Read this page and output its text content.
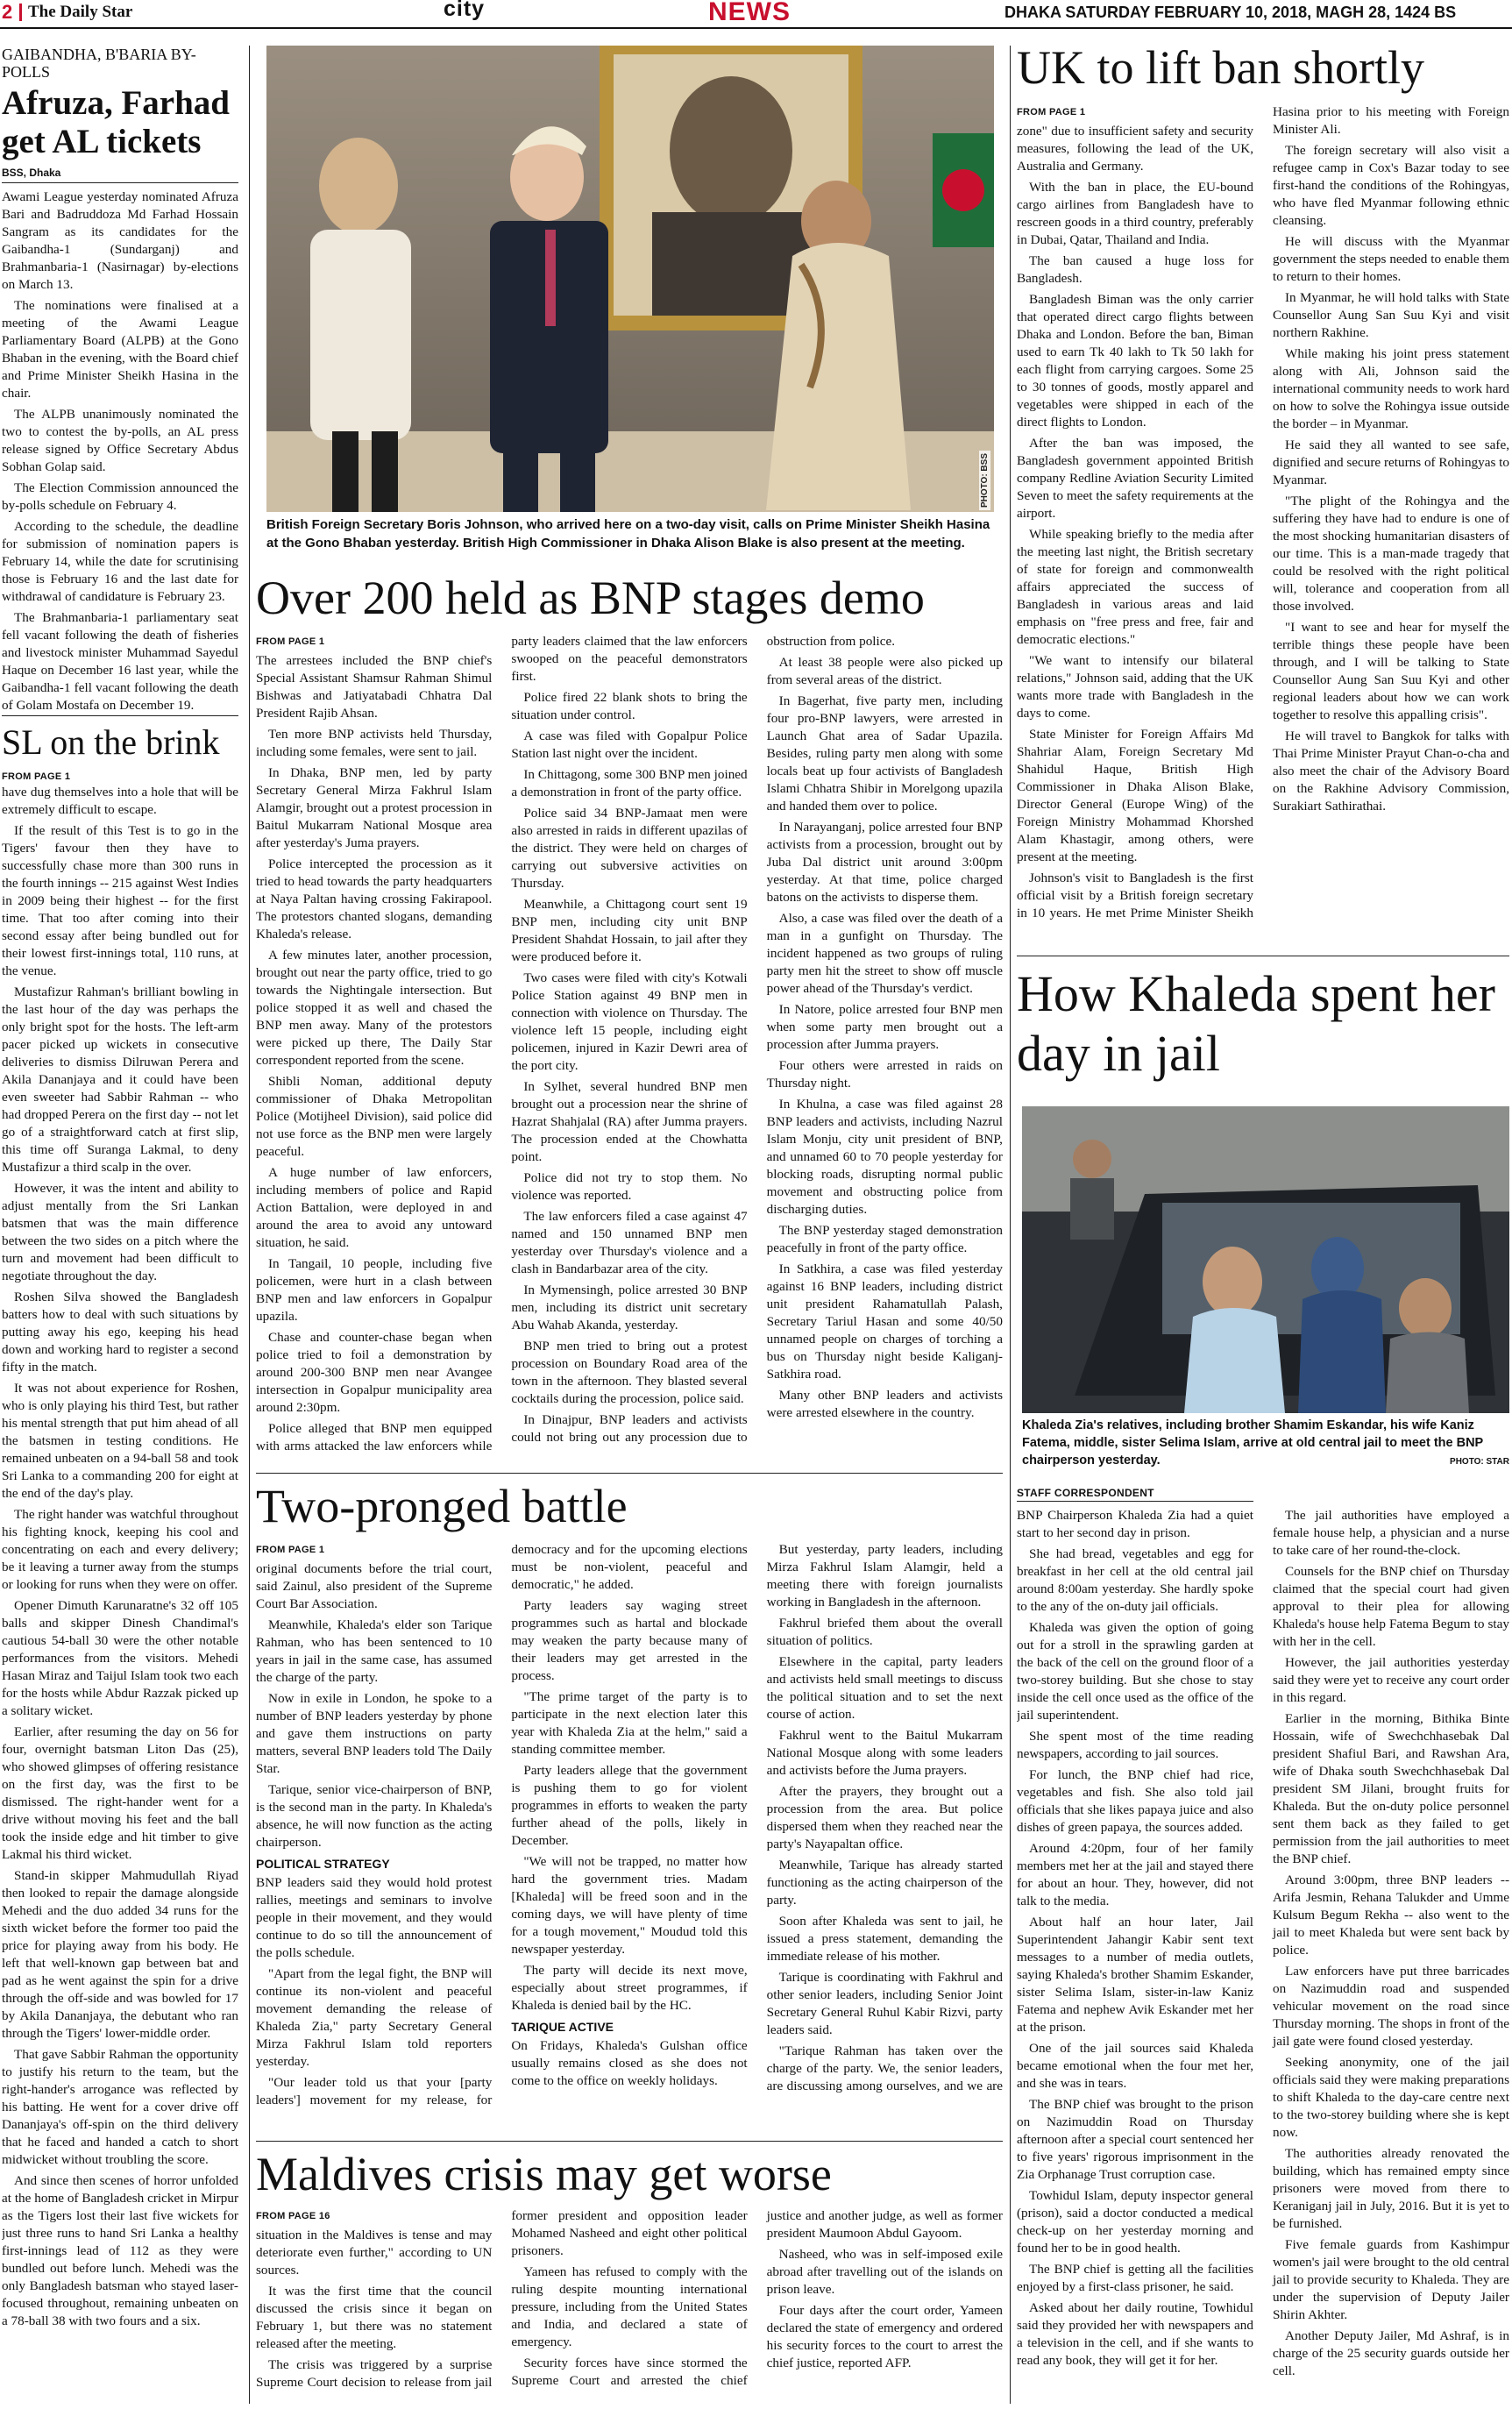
2 The Daily Star	city	NEWS	DHAKA SATURDAY FEBRUARY 10, 2018, MAGH 28, 1424 BS
GAIBANDHA, B'BARIA BY-POLLS
Afruza, Farhad get AL tickets
BSS, Dhaka

Awami League yesterday nominated Afruza Bari and Badruddoza Md Farhad Hossain Sangram as its candidates for the Gaibandha-1 (Sundarganj) and Brahmanbaria-1 (Nasirnagar) by-elections on March 13.

The nominations were finalised at a meeting of the Awami League Parliamentary Board (ALPB) at the Gono Bhaban in the evening, with the Board chief and Prime Minister Sheikh Hasina in the chair.

The ALPB unanimously nominated the two to contest the by-polls, an AL press release signed by Office Secretary Abdus Sobhan Golap said.

The Election Commission announced the by-polls schedule on February 4.

According to the schedule, the deadline for submission of nomination papers is February 14, while the date for scrutinising those is February 16 and the last date for withdrawal of candidature is February 23.

The Brahmanbaria-1 parliamentary seat fell vacant following the death of fisheries and livestock minister Muhammad Sayedul Haque on December 16 last year, while the Gaibandha-1 fell vacant following the death of Golam Mostafa on December 19.

SL on the brink
FROM PAGE 1

have dug themselves into a hole that will be extremely difficult to escape.

If the result of this Test is to go in the Tigers' favour then they have to successfully chase more than 300 runs in the fourth innings -- 215 against West Indies in 2009 being their highest -- for the first time. That too after coming into their second essay after being bundled out for their lowest first-innings total, 110 runs, at the venue.

Mustafizur Rahman's brilliant bowling in the last hour of the day was perhaps the only bright spot for the hosts. The left-arm pacer picked up wickets in consecutive deliveries to dismiss Dilruwan Perera and Akila Dananjaya and it could have been even sweeter had Sabbir Rahman -- who had dropped Perera on the first day -- not let go of a straightforward catch at first slip, this time off Suranga Lakmal, to deny Mustafizur a third scalp in the over.

However, it was the intent and ability to adjust mentally from the Sri Lankan batsmen that was the main difference between the two sides on a pitch where the turn and movement had been difficult to negotiate throughout the day.

Roshen Silva showed the Bangladesh batters how to deal with such situations by putting away his ego, keeping his head down and working hard to register a second fifty in the match.

It was not about experience for Roshen, who is only playing his third Test, but rather his mental strength that put him ahead of all the batsmen in testing conditions. He remained unbeaten on a 94-ball 58 and took Sri Lanka to a commanding 200 for eight at the end of the day's play.

The right hander was watchful throughout his fighting knock, keeping his cool and concentrating on each and every delivery; be it leaving a turner away from the stumps or looking for runs when they were on offer.

Opener Dimuth Karunaratne's 32 off 105 balls and skipper Dinesh Chandimal's cautious 54-ball 30 were the other notable performances from the visitors. Mehedi Hasan Miraz and Taijul Islam took two each for the hosts while Abdur Razzak picked up a solitary wicket.

Earlier, after resuming the day on 56 for four, overnight batsman Liton Das (25), who showed glimpses of offering resistance on the first day, was the first to be dismissed. The right-hander went for a drive without moving his feet and the ball took the inside edge and hit timber to give Lakmal his third wicket.

Stand-in skipper Mahmudullah Riyad then looked to repair the damage alongside Mehedi and the duo added 34 runs for the sixth wicket before the former too paid the price for playing away from his body. He left that well-known gap between bat and pad as he went against the spin for a drive through the off-side and was bowled for 17 by Akila Dananjaya, the debutant who ran through the Tigers' lower-middle order.

That gave Sabbir Rahman the opportunity to justify his return to the team, but the right-hander's arrogance was reflected by his batting. He went for a cover drive off Dananjaya's off-spin on the third delivery that he faced and handed a catch to short midwicket without troubling the score.

And since then scenes of horror unfolded at the home of Bangladesh cricket in Mirpur as the Tigers lost their last five wickets for just three runs to hand Sri Lanka a healthy first-innings lead of 112 as they were bundled out before lunch. Mehedi was the only Bangladesh batsman who stayed laser-focused throughout, remaining unbeaten on a 78-ball 38 with two fours and a six.

PHOTO: BSS
British Foreign Secretary Boris Johnson, who arrived here on a two-day visit, calls on Prime Minister Sheikh Hasina at the Gono Bhaban yesterday. British High Commissioner in Dhaka Alison Blake is also present at the meeting.
Over 200 held as BNP stages demo
FROM PAGE 1

The arrestees included the BNP chief's Special Assistant Shamsur Rahman Shimul Bishwas and Jatiyatabadi Chhatra Dal President Rajib Ahsan.

Ten more BNP activists held Thursday, including some females, were sent to jail.

In Dhaka, BNP men, led by party Secretary General Mirza Fakhrul Islam Alamgir, brought out a protest procession in Baitul Mukarram National Mosque area after yesterday's Juma prayers.

Police intercepted the procession as it tried to head towards the party headquarters at Naya Paltan having crossing Fakirapool. The protestors chanted slogans, demanding Khaleda's release.

A few minutes later, another procession, brought out near the party office, tried to go towards the Nightingale intersection. But police stopped it as well and chased the BNP men away. Many of the protestors were picked up there, The Daily Star correspondent reported from the scene.

Shibli Noman, additional deputy commissioner of Dhaka Metropolitan Police (Motijheel Division), said police did not use force as the BNP men were largely peaceful.

A huge number of law enforcers, including members of police and Rapid Action Battalion, were deployed in and around the area to avoid any untoward situation, he said.

In Tangail, 10 people, including five policemen, were hurt in a clash between BNP men and law enforcers in Gopalpur upazila.

Chase and counter-chase began when police tried to foil a demonstration by around 200-300 BNP men near Avangee intersection in Gopalpur municipality area around 2:30pm.

Police alleged that BNP men equipped with arms attacked the law enforcers while party leaders claimed that the law enforcers swooped on the peaceful demonstrators first.

Police fired 22 blank shots to bring the situation under control.

A case was filed with Gopalpur Police Station last night over the incident.

In Chittagong, some 300 BNP men joined a demonstration in front of the party office.

Police said 34 BNP-Jamaat men were also arrested in raids in different upazilas of the district. They were held on charges of carrying out subversive activities on Thursday.

Meanwhile, a Chittagong court sent 19 BNP men, including city unit BNP President Shahdat Hossain, to jail after they were produced before it.

Two cases were filed with city's Kotwali Police Station against 49 BNP men in connection with violence on Thursday. The violence left 15 people, including eight policemen, injured in Kazir Dewri area of the port city.

In Sylhet, several hundred BNP men brought out a procession near the shrine of Hazrat Shahjalal (RA) after Jumma prayers. The procession ended at the Chowhatta point.

Police did not try to stop them. No violence was reported.

The law enforcers filed a case against 47 named and 150 unnamed BNP men yesterday over Thursday's violence and a clash in Bandarbazar area of the city.

In Mymensingh, police arrested 30 BNP men, including its district unit secretary Abu Wahab Akanda, yesterday.

BNP men tried to bring out a protest procession on Boundary Road area of the town in the afternoon. They blasted several cocktails during the procession, police said.

In Dinajpur, BNP leaders and activists could not bring out any procession due to obstruction from police.

At least 38 people were also picked up from several areas of the district.

In Bagerhat, five party men, including four pro-BNP lawyers, were arrested in Launch Ghat area of Sadar Upazila. Besides, ruling party men along with some locals beat up four activists of Bangladesh Islami Chhatra Shibir in Morelgong upazila and handed them over to police.

In Narayanganj, police arrested four BNP activists from a procession, brought out by Juba Dal district unit around 3:00pm yesterday. At that time, police charged batons on the activists to disperse them.

Also, a case was filed over the death of a man in a gunfight on Thursday. The incident happened as two groups of ruling party men hit the street to show off muscle power ahead of the Thursday's verdict.

In Natore, police arrested four BNP men when some party men brought out a procession after Jumma prayers.

Four others were arrested in raids on Thursday night.

In Khulna, a case was filed against 28 BNP leaders and activists, including Nazrul Islam Monju, city unit president of BNP, and unnamed 60 to 70 people yesterday for blocking roads, disrupting normal public movement and obstructing police from discharging duties.

The BNP yesterday staged demonstration peacefully in front of the party office.

In Satkhira, a case was filed yesterday against 16 BNP leaders, including district unit president Rahamatullah Palash, Secretary Tariul Hasan and some 40/50 unnamed people on charges of torching a bus on Thursday night beside Kaliganj-Satkhira road.

Many other BNP leaders and activists were arrested elsewhere in the country.

Two-pronged battle
FROM PAGE 1

original documents before the trial court, said Zainul, also president of the Supreme Court Bar Association.

Meanwhile, Khaleda's elder son Tarique Rahman, who has been sentenced to 10 years in jail in the same case, has assumed the charge of the party.

Now in exile in London, he spoke to a number of BNP leaders yesterday by phone and gave them instructions on party matters, several BNP leaders told The Daily Star.

Tarique, senior vice-chairperson of BNP, is the second man in the party. In Khaleda's absence, he will now function as the acting chairperson.

POLITICAL STRATEGY

BNP leaders said they would hold protest rallies, meetings and seminars to involve people in their movement, and they would continue to do so till the announcement of the polls schedule.

"Apart from the legal fight, the BNP will continue its non-violent and peaceful movement demanding the release of Khaleda Zia," party Secretary General Mirza Fakhrul Islam told reporters yesterday.

"Our leader told us that your [party leaders'] movement for my release, for democracy and for the upcoming elections must be non-violent, peaceful and democratic," he added.

Party leaders say waging street programmes such as hartal and blockade may weaken the party because many of their leaders may get arrested in the process.

"The prime target of the party is to participate in the next election later this year with Khaleda Zia at the helm," said a standing committee member.

Party leaders allege that the government is pushing them to go for violent programmes in efforts to weaken the party further ahead of the polls, likely in December.

"We will not be trapped, no matter how hard the government tries. Madam [Khaleda] will be freed soon and in the coming days, we will have plenty of time for a tough movement," Moudud told this newspaper yesterday.

The party will decide its next move, especially about street programmes, if Khaleda is denied bail by the HC.

TARIQUE ACTIVE

On Fridays, Khaleda's Gulshan office usually remains closed as she does not come to the office on weekly holidays.

But yesterday, party leaders, including Mirza Fakhrul Islam Alamgir, held a meeting there with foreign journalists working in Bangladesh in the afternoon.

Fakhrul briefed them about the overall situation of politics.

Elsewhere in the capital, party leaders and activists held small meetings to discuss the political situation and to set the next course of action.

Fakhrul went to the Baitul Mukarram National Mosque along with some leaders and activists before the Juma prayers.

After the prayers, they brought out a procession from the area. But police dispersed them when they reached near the party's Nayapaltan office.

Meanwhile, Tarique has already started functioning as the acting chairperson of the party.

Soon after Khaleda was sent to jail, he issued a press statement, demanding the immediate release of his mother.

Tarique is coordinating with Fakhrul and other senior leaders, including Senior Joint Secretary General Ruhul Kabir Rizvi, party leaders said.

"Tarique Rahman has taken over the charge of the party. We, the senior leaders, are discussing among ourselves, and we are

Maldives crisis may get worse
FROM PAGE 16

situation in the Maldives is tense and may deteriorate even further," according to UN sources.

It was the first time that the council discussed the crisis since it began on February 1, but there was no statement released after the meeting.

The crisis was triggered by a surprise Supreme Court decision to release from jail former president and opposition leader Mohamed Nasheed and eight other political prisoners.

Yameen has refused to comply with the ruling despite mounting international pressure, including from the United States and India, and declared a state of emergency.

Security forces have since stormed the Supreme Court and arrested the chief justice and another judge, as well as former president Maumoon Abdul Gayoom.

Nasheed, who was in self-imposed exile abroad after travelling out of the islands on prison leave.

Four days after the court order, Yameen declared the state of emergency and ordered his security forces to the court to arrest the chief justice, reported AFP.

UK to lift ban shortly
FROM PAGE 1

zone" due to insufficient safety and security measures, following the lead of the UK, Australia and Germany.

With the ban in place, the EU-bound cargo airlines from Bangladesh have to rescreen goods in a third country, preferably in Dubai, Qatar, Thailand and India.

The ban caused a huge loss for Bangladesh.

Bangladesh Biman was the only carrier that operated direct cargo flights between Dhaka and London. Before the ban, Biman used to earn Tk 40 lakh to Tk 50 lakh for each flight from carrying cargoes. Some 25 to 30 tonnes of goods, mostly apparel and vegetables were shipped in each of the direct flights to London.

After the ban was imposed, the Bangladesh government appointed British company Redline Aviation Security Limited Seven to meet the safety requirements at the airport.

While speaking briefly to the media after the meeting last night, the British secretary of state for foreign and commonwealth affairs appreciated the success of Bangladesh in various areas and laid emphasis on "free press and free, fair and democratic elections."

"We want to intensify our bilateral relations," Johnson said, adding that the UK wants more trade with Bangladesh in the days to come.

State Minister for Foreign Affairs Md Shahriar Alam, Foreign Secretary Md Shahidul Haque, British High Commissioner in Dhaka Alison Blake, Director General (Europe Wing) of the Foreign Ministry Mohammad Khorshed Alam Khastagir, among others, were present at the meeting.

Johnson's visit to Bangladesh is the first official visit by a British foreign secretary in 10 years. He met Prime Minister Sheikh Hasina prior to his meeting with Foreign Minister Ali.

The foreign secretary will also visit a refugee camp in Cox's Bazar today to see first-hand the conditions of the Rohingyas, who have fled Myanmar following ethnic cleansing.

He will discuss with the Myanmar government the steps needed to enable them to return to their homes.

In Myanmar, he will hold talks with State Counsellor Aung San Suu Kyi and visit northern Rakhine.

While making his joint press statement along with Ali, Johnson said the international community needs to work hard on how to solve the Rohingya issue outside the border – in Myanmar.

He said they all wanted to see safe, dignified and secure returns of Rohingyas to Myanmar.

"The plight of the Rohingya and the suffering they have had to endure is one of the most shocking humanitarian disasters of our time. This is a man-made tragedy that could be resolved with the right political will, tolerance and cooperation from all those involved.

"I want to see and hear for myself the terrible things these people have been through, and I will be talking to State Counsellor Aung San Suu Kyi and other regional leaders about how we can work together to resolve this appalling crisis".

He will travel to Bangkok for talks with Thai Prime Minister Prayut Chan-o-cha and also meet the chair of the Advisory Board on the Rakhine Advisory Commission, Surakiart Sathirathai.

How Khaleda spent her day in jail
Khaleda Zia's relatives, including brother Shamim Eskandar, his wife Kaniz Fatema, middle, sister Selima Islam, arrive at old central jail to meet the BNP chairperson yesterday.	PHOTO: STAR
STAFF CORRESPONDENT

BNP Chairperson Khaleda Zia had a quiet start to her second day in prison.

She had bread, vegetables and egg for breakfast in her cell at the old central jail around 8:00am yesterday. She hardly spoke to the any of the on-duty jail officials.

Khaleda was given the option of going out for a stroll in the sprawling garden at the back of the cell on the ground floor of a two-storey building. But she chose to stay inside the cell once used as the office of the jail superintendent.

She spent most of the time reading newspapers, according to jail sources.

For lunch, the BNP chief had rice, vegetables and fish. She also told jail officials that she likes papaya juice and also dishes of green papaya, the sources added.

Around 4:20pm, four of her family members met her at the jail and stayed there for about an hour. They, however, did not talk to the media.

About half an hour later, Jail Superintendent Jahangir Kabir sent text messages to a number of media outlets, saying Khaleda's brother Shamim Eskander, sister Selima Islam, sister-in-law Kaniz Fatema and nephew Avik Eskander met her at the prison.

One of the jail sources said Khaleda became emotional when the four met her, and she was in tears.

The BNP chief was brought to the prison on Nazimuddin Road on Thursday afternoon after a special court sentenced her to five years' rigorous imprisonment in the Zia Orphanage Trust corruption case.

Towhidul Islam, deputy inspector general (prison), said a doctor conducted a medical check-up on her yesterday morning and found her to be in good health.

The BNP chief is getting all the facilities enjoyed by a first-class prisoner, he said.

Asked about her daily routine, Towhidul said they provided her with newspapers and a television in the cell, and if she wants to read any book, they will get it for her.

The jail authorities have employed a female house help, a physician and a nurse to take care of her round-the-clock.

Counsels for the BNP chief on Thursday claimed that the special court had given approval to their plea for allowing Khaleda's house help Fatema Begum to stay with her in the cell.

However, the jail authorities yesterday said they were yet to receive any court order in this regard.

Earlier in the morning, Bithika Binte Hossain, wife of Swechchhasebak Dal president Shafiul Bari, and Rawshan Ara, wife of Dhaka south Swechchhasebak Dal president SM Jilani, brought fruits for Khaleda. But the on-duty police personnel sent them back as they failed to get permission from the jail authorities to meet the BNP chief.

Around 3:00pm, three BNP leaders -- Arifa Jesmin, Rehana Talukder and Umme Kulsum Begum Rekha -- also went to the jail to meet Khaleda but were sent back by police.

Law enforcers have put three barricades on Nazimuddin road and suspended vehicular movement on the road since Thursday morning. The shops in front of the jail gate were found closed yesterday.

Seeking anonymity, one of the jail officials said they were making preparations to shift Khaleda to the day-care centre next to the two-storey building where she is kept now.

The authorities already renovated the building, which has remained empty since prisoners were moved from there to Keraniganj jail in July, 2016. But it is yet to be furnished.

Five female guards from Kashimpur women's jail were brought to the old central jail to provide security to Khaleda. They are under the supervision of Deputy Jailer Shirin Akhter.

Another Deputy Jailer, Md Ashraf, is in charge of the 25 security guards outside her cell.
